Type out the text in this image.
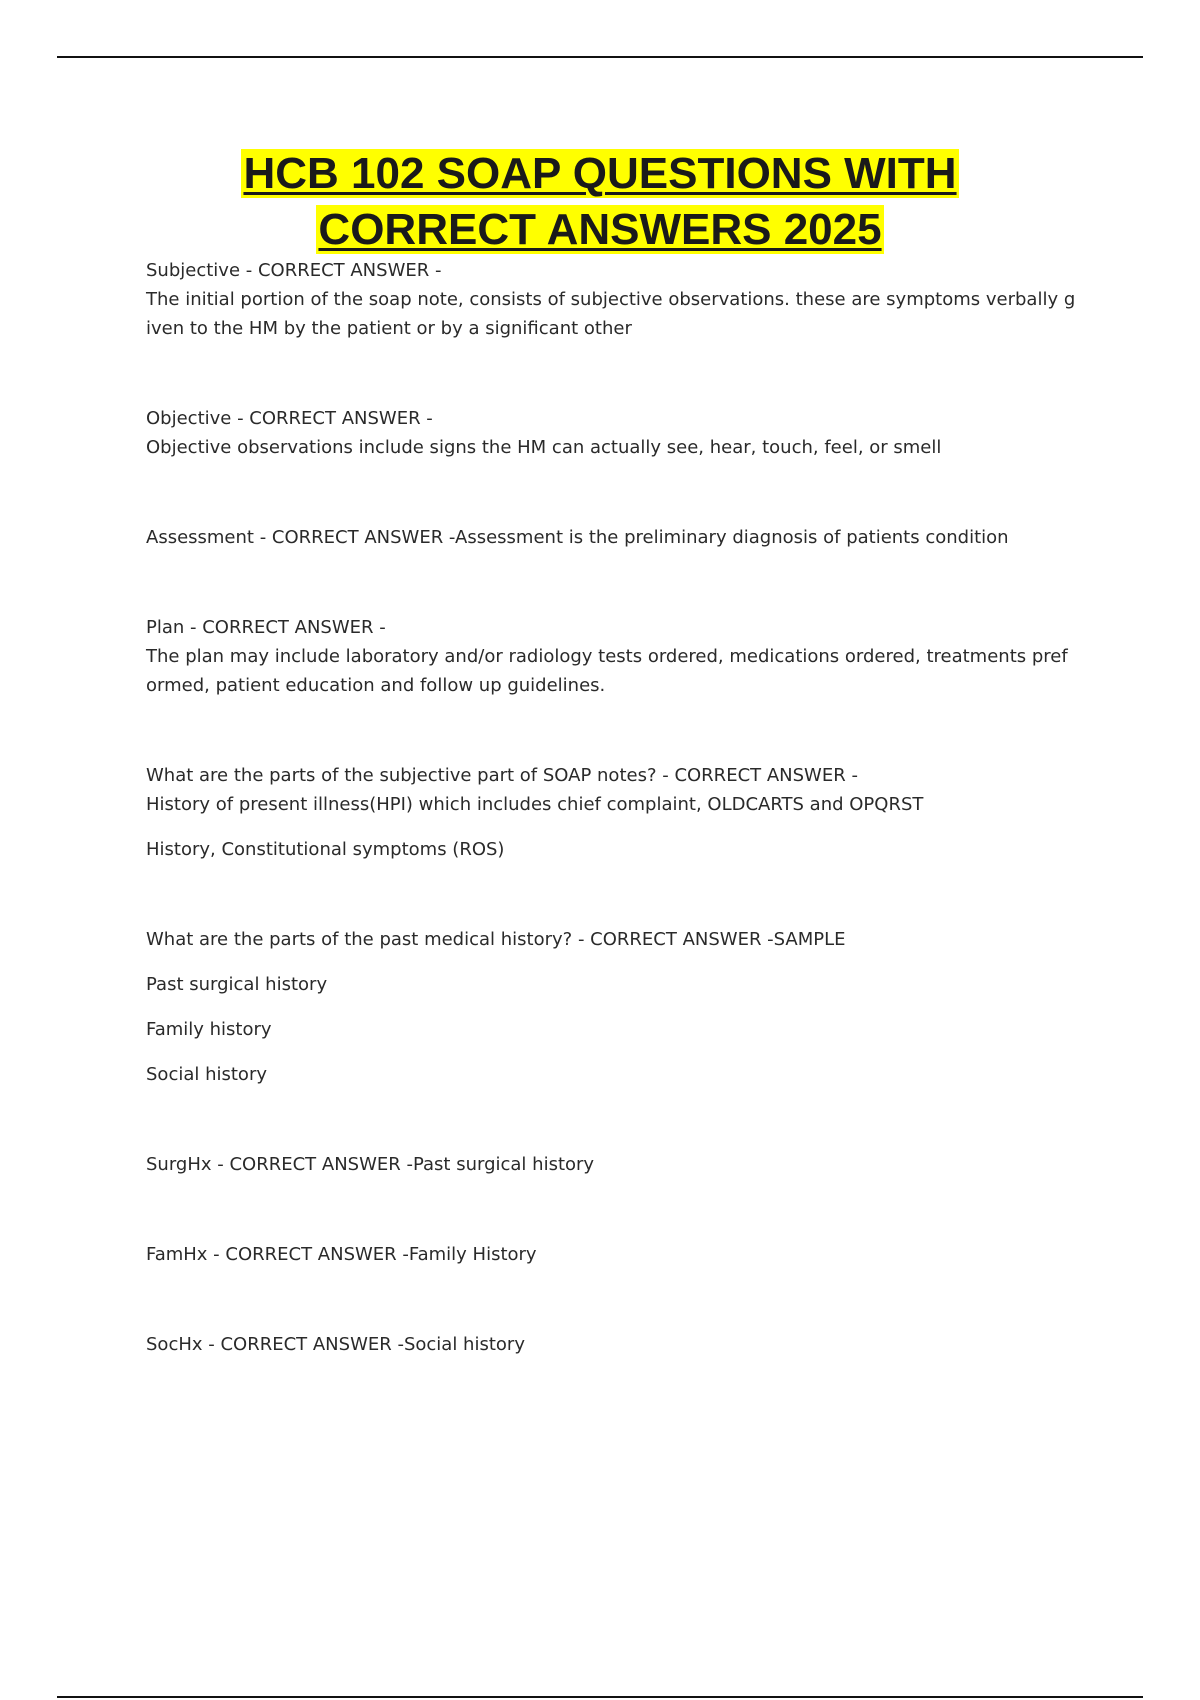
HCB 102 SOAP QUESTIONS WITH
CORRECT ANSWERS 2025
Subjective - CORRECT ANSWER -
The initial portion of the soap note, consists of subjective observations. these are symptoms verbally g
iven to the HM by the patient or by a significant other
Objective - CORRECT ANSWER -
Objective observations include signs the HM can actually see, hear, touch, feel, or smell
Assessment - CORRECT ANSWER -Assessment is the preliminary diagnosis of patients condition
Plan - CORRECT ANSWER -
The plan may include laboratory and/or radiology tests ordered, medications ordered, treatments pref
ormed, patient education and follow up guidelines.
What are the parts of the subjective part of SOAP notes? - CORRECT ANSWER -
History of present illness(HPI) which includes chief complaint, OLDCARTS and OPQRST
History, Constitutional symptoms (ROS)
What are the parts of the past medical history? - CORRECT ANSWER -SAMPLE
Past surgical history
Family history
Social history
SurgHx - CORRECT ANSWER -Past surgical history
FamHx - CORRECT ANSWER -Family History
SocHx - CORRECT ANSWER -Social history
